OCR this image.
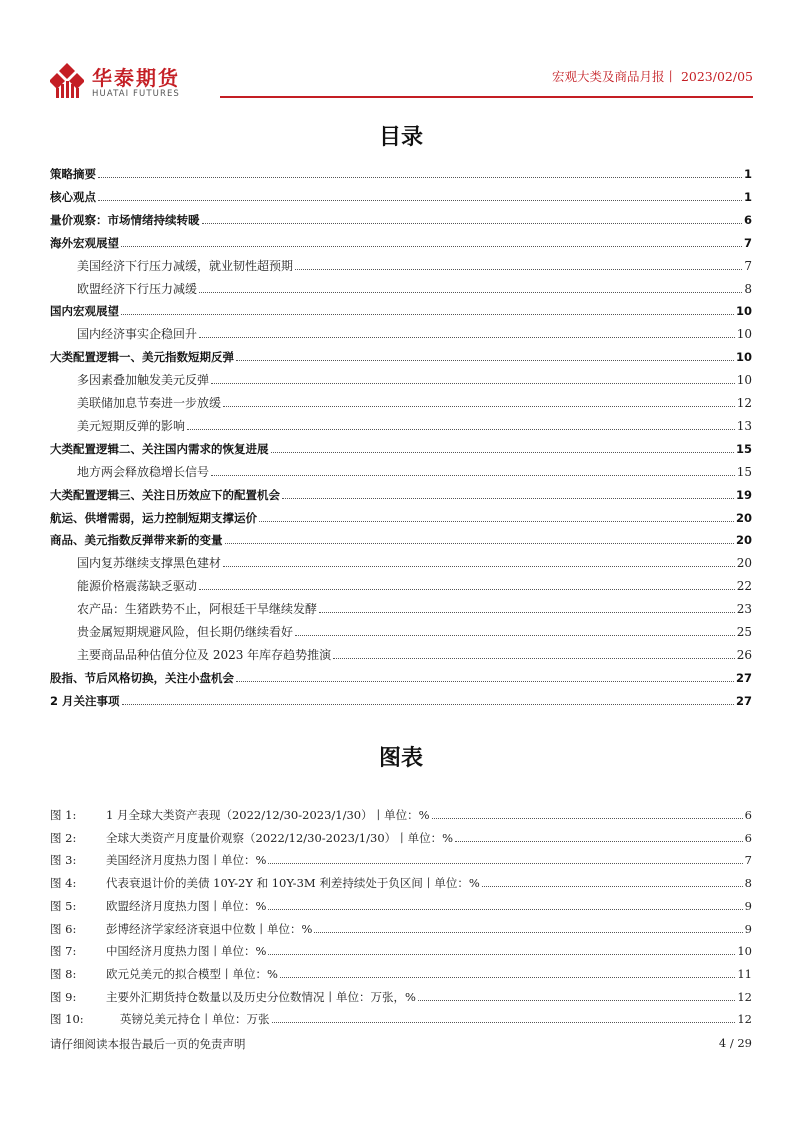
华泰期货
HUATAI FUTURES
宏观大类及商品月报丨 2023/02/05
目录
策略摘要	1
核心观点	1
量价观察：市场情绪持续转暖	6
海外宏观展望	7
美国经济下行压力减缓，就业韧性超预期	7
欧盟经济下行压力减缓	8
国内宏观展望	10
国内经济事实企稳回升	10
大类配置逻辑一、美元指数短期反弹	10
多因素叠加触发美元反弹	10
美联储加息节奏进一步放缓	12
美元短期反弹的影响	13
大类配置逻辑二、关注国内需求的恢复进展	15
地方两会释放稳增长信号	15
大类配置逻辑三、关注日历效应下的配置机会	19
航运、供增需弱，运力控制短期支撑运价	20
商品、美元指数反弹带来新的变量	20
国内复苏继续支撑黑色建材	20
能源价格震荡缺乏驱动	22
农产品：生猪跌势不止，阿根廷干旱继续发酵	23
贵金属短期规避风险，但长期仍继续看好	25
主要商品品种估值分位及 2023 年库存趋势推演	26
股指、节后风格切换，关注小盘机会	27
2 月关注事项	27
图表
图 1:	1 月全球大类资产表现（2022/12/30-2023/1/30）丨单位：%	6
图 2:	全球大类资产月度量价观察（2022/12/30-2023/1/30）丨单位：%	6
图 3:	美国经济月度热力图丨单位：%	7
图 4:	代表衰退计价的美债 10Y-2Y 和 10Y-3M 利差持续处于负区间丨单位：%	8
图 5:	欧盟经济月度热力图丨单位：%	9
图 6:	彭博经济学家经济衰退中位数丨单位：%	9
图 7:	中国经济月度热力图丨单位：%	10
图 8:	欧元兑美元的拟合模型丨单位：%	11
图 9:	主要外汇期货持仓数量以及历史分位数情况丨单位：万张，%	12
图 10:	英镑兑美元持仓丨单位：万张	12
请仔细阅读本报告最后一页的免责声明	4 / 29
